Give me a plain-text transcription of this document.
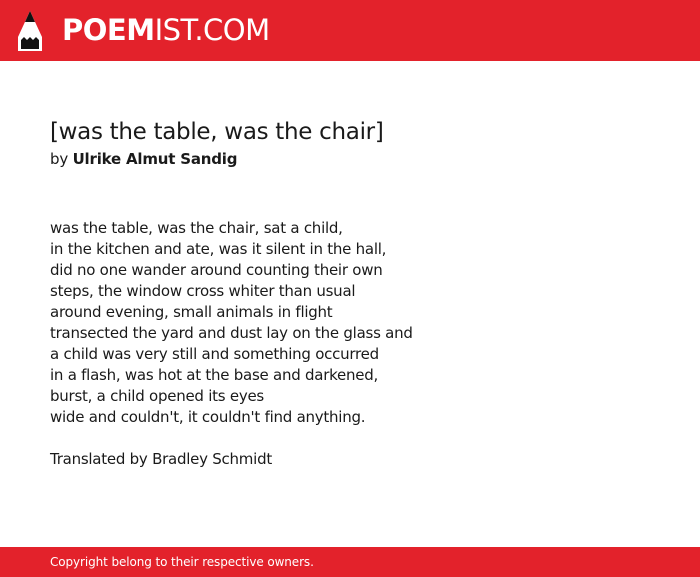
POEMIST.COM
[was the table, was the chair]
by Ulrike Almut Sandig
was the table, was the chair, sat a child,
in the kitchen and ate, was it silent in the hall,
did no one wander around counting their own
steps, the window cross whiter than usual
around evening, small animals in flight
transected the yard and dust lay on the glass and
a child was very still and something occurred
in a flash, was hot at the base and darkened,
burst, a child opened its eyes
wide and couldn't, it couldn't find anything.
Translated by Bradley Schmidt
Copyright belong to their respective owners.
